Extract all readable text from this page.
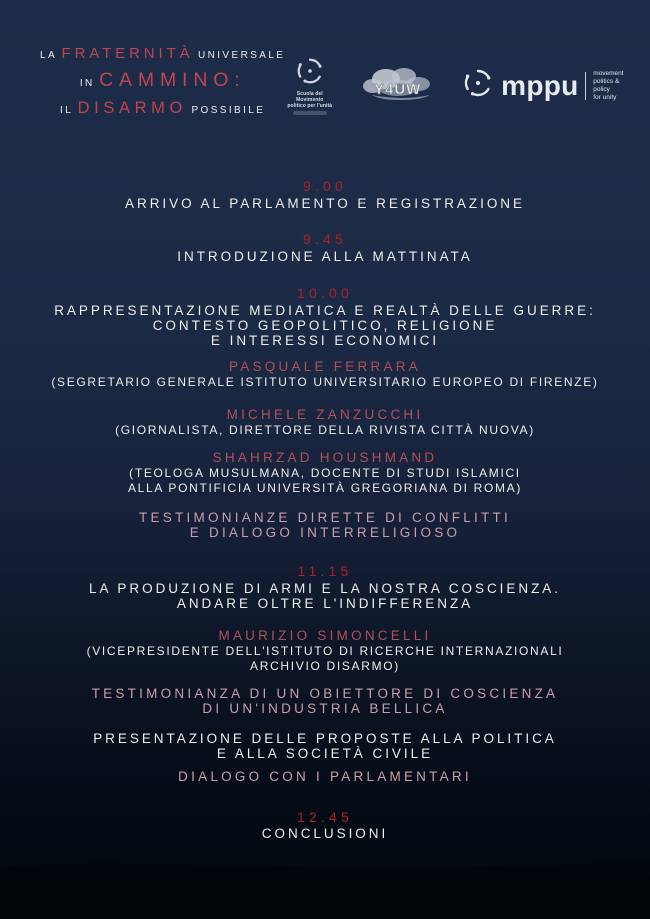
LA FRATERNITÀ UNIVERSALE
IN CAMMINO:
IL DISARMO POSSIBILE
Scuola del
Movimento
politico per l'unità
Y4UW	mppu movement
politics & policy
for unity
9.00
ARRIVO AL PARLAMENTO E REGISTRAZIONE
9.45
INTRODUZIONE ALLA MATTINATA
10.00
RAPPRESENTAZIONE MEDIATICA E REALTÀ DELLE GUERRE:
CONTESTO GEOPOLITICO, RELIGIONE
E INTERESSI ECONOMICI
PASQUALE FERRARA
(SEGRETARIO GENERALE ISTITUTO UNIVERSITARIO EUROPEO DI FIRENZE)
MICHELE ZANZUCCHI
(GIORNALISTA, DIRETTORE DELLA RIVISTA CITTÀ NUOVA)
SHAHRZAD HOUSHMAND
(TEOLOGA MUSULMANA, DOCENTE DI STUDI ISLAMICI
ALLA PONTIFICIA UNIVERSITÀ GREGORIANA DI ROMA)
TESTIMONIANZE DIRETTE DI CONFLITTI
E DIALOGO INTERRELIGIOSO
11.15
LA PRODUZIONE DI ARMI E LA NOSTRA COSCIENZA.
ANDARE OLTRE L'INDIFFERENZA
MAURIZIO SIMONCELLI
(VICEPRESIDENTE DELL'ISTITUTO DI RICERCHE INTERNAZIONALI
ARCHIVIO DISARMO)
TESTIMONIANZA DI UN OBIETTORE DI COSCIENZA
DI UN'INDUSTRIA BELLICA
PRESENTAZIONE DELLE PROPOSTE ALLA POLITICA
E ALLA SOCIETÀ CIVILE
DIALOGO CON I PARLAMENTARI
12.45
CONCLUSIONI
